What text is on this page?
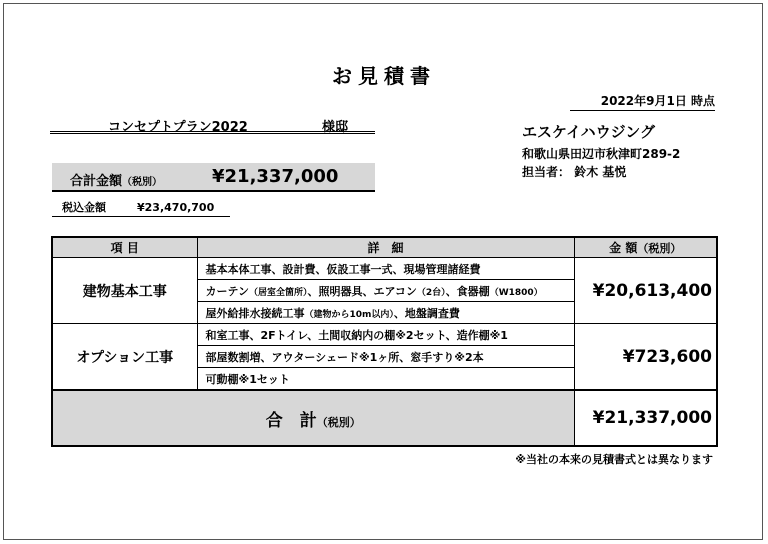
お見積書
2022年9月1日 時点
コンセプトプラン2022	様邸	エスケイハウジング
和歌山県田辺市秋津町289-2
担当者： 鈴木 基悦
合計金額（税別）	¥21,337,000
税込金額	¥23,470,700
項 目	詳　細	金 額（税別）
建物基本工事	基本本体工事、設計費、仮設工事一式、現場管理諸経費	¥20,613,400
	カーテン（居室全箇所）、照明器具、エアコン（2台）、食器棚（W1800）	
	屋外給排水接続工事（建物から10m以内）、地盤調査費	
オプション工事	和室工事、2Fトイレ、土間収納内の棚※2セット、造作棚※1	¥723,600
	部屋数割増、アウターシェード※1ヶ所、窓手すり※2本	
	可動棚※1セット	
合　計（税別）		¥21,337,000
※当社の本来の見積書式とは異なります
